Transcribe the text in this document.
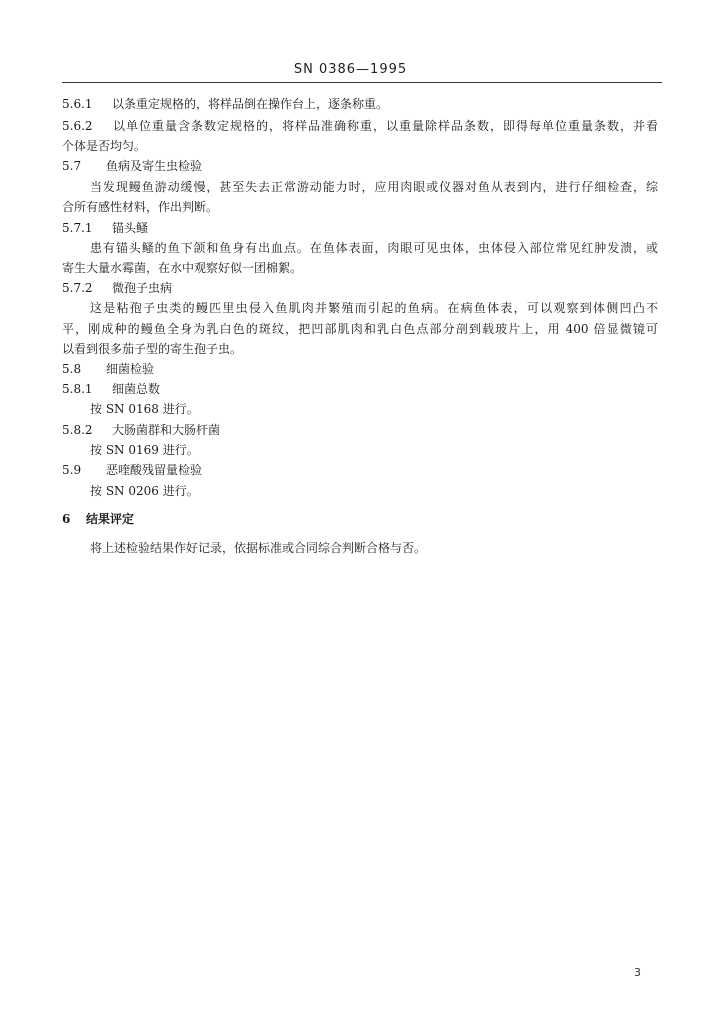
SN 0386—1995
5.6.1 以条重定规格的，将样品倒在操作台上，逐条称重。
5.6.2 以单位重量含条数定规格的，将样品准确称重，以重量除样品条数，即得每单位重量条数，并看
个体是否均匀。
5.7 鱼病及寄生虫检验
当发现鳗鱼游动缓慢，甚至失去正常游动能力时，应用肉眼或仪器对鱼从表到内，进行仔细检查，综
合所有感性材料，作出判断。
5.7.1 锚头鳋
患有锚头鳋的鱼下颌和鱼身有出血点。在鱼体表面，肉眼可见虫体，虫体侵入部位常见红肿发溃，或
寄生大量水霉菌，在水中观察好似一团棉絮。
5.7.2 微孢子虫病
这是粘孢子虫类的鳗匹里虫侵入鱼肌肉并繁殖而引起的鱼病。在病鱼体表，可以观察到体侧凹凸不
平，刚成种的鳗鱼全身为乳白色的斑纹，把凹部肌肉和乳白色点部分剖到载玻片上，用 400 倍显微镜可
以看到很多茄子型的寄生孢子虫。
5.8 细菌检验
5.8.1 细菌总数
按 SN 0168 进行。
5.8.2 大肠菌群和大肠杆菌
按 SN 0169 进行。
5.9 恶喹酸残留量检验
按 SN 0206 进行。
6 结果评定
将上述检验结果作好记录，依据标准或合同综合判断合格与否。
3
